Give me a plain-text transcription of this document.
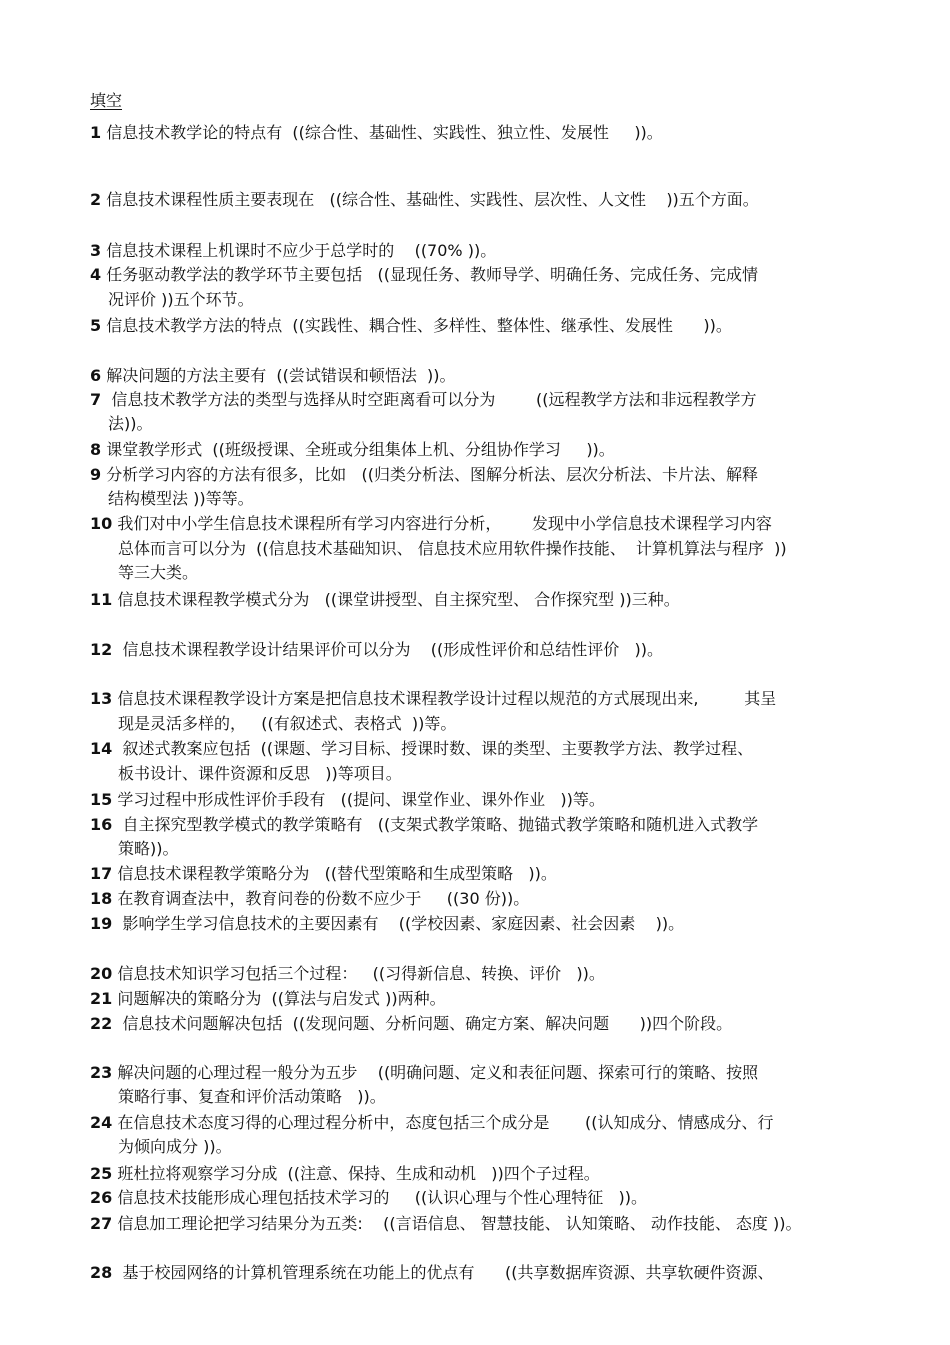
填空
1 信息技术教学论的特点有  ((综合性、基础性、实践性、独立性、发展性     ))。
2 信息技术课程性质主要表现在   ((综合性、基础性、实践性、层次性、人文性    ))五个方面。
3 信息技术课程上机课时不应少于总学时的    ((70% ))。
4 任务驱动教学法的教学环节主要包括   ((显现任务、教师导学、明确任务、完成任务、完成情
况评价 ))五个环节。
5 信息技术教学方法的特点  ((实践性、耦合性、多样性、整体性、继承性、发展性      ))。
6 解决问题的方法主要有  ((尝试错误和顿悟法  ))。
7  信息技术教学方法的类型与选择从时空距离看可以分为        ((远程教学方法和非远程教学方
法))。
8 课堂教学形式  ((班级授课、全班或分组集体上机、分组协作学习     ))。
9 分析学习内容的方法有很多，比如   ((归类分析法、图解分析法、层次分析法、卡片法、解释
结构模型法 ))等等。
10 我们对中小学生信息技术课程所有学习内容进行分析，      发现中小学信息技术课程学习内容
总体而言可以分为  ((信息技术基础知识、 信息技术应用软件操作技能、  计算机算法与程序  ))
等三大类。
11 信息技术课程教学模式分为   ((课堂讲授型、自主探究型、 合作探究型 ))三种。
12  信息技术课程教学设计结果评价可以分为    ((形成性评价和总结性评价   ))。
13 信息技术课程教学设计方案是把信息技术课程教学设计过程以规范的方式展现出来,         其呈
现是灵活多样的，   ((有叙述式、表格式  ))等。
14  叙述式教案应包括  ((课题、学习目标、授课时数、课的类型、主要教学方法、教学过程、
板书设计、课件资源和反思   ))等项目。
15 学习过程中形成性评价手段有   ((提问、课堂作业、课外作业   ))等。
16  自主探究型教学模式的教学策略有   ((支架式教学策略、抛锚式教学策略和随机进入式教学
策略))。
17 信息技术课程教学策略分为   ((替代型策略和生成型策略   ))。
18 在教育调查法中，教育问卷的份数不应少于     ((30 份))。
19  影响学生学习信息技术的主要因素有    ((学校因素、家庭因素、社会因素    ))。
20 信息技术知识学习包括三个过程：   ((习得新信息、转换、评价   ))。
21 问题解决的策略分为  ((算法与启发式 ))两种。
22  信息技术问题解决包括  ((发现问题、分析问题、确定方案、解决问题      ))四个阶段。
23 解决问题的心理过程一般分为五步    ((明确问题、定义和表征问题、探索可行的策略、按照
策略行事、复查和评价活动策略   ))。
24 在信息技术态度习得的心理过程分析中，态度包括三个成分是       ((认知成分、情感成分、行
为倾向成分 ))。
25 班杜拉将观察学习分成  ((注意、保持、生成和动机   ))四个子过程。
26 信息技术技能形成心理包括技术学习的     ((认识心理与个性心理特征   ))。
27 信息加工理论把学习结果分为五类:    ((言语信息、 智慧技能、 认知策略、 动作技能、 态度 ))。
28  基于校园网络的计算机管理系统在功能上的优点有      ((共享数据库资源、共享软硬件资源、
